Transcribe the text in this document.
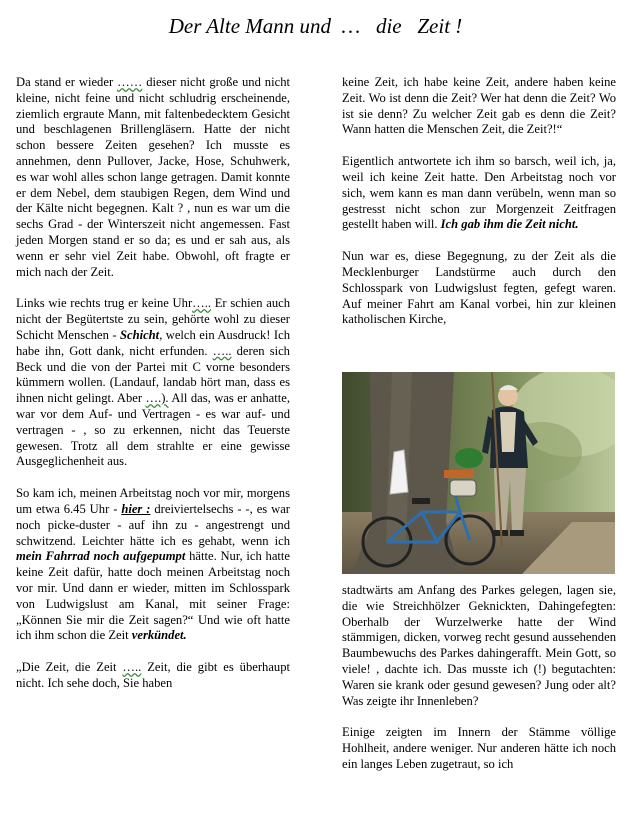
Der Alte Mann und  …   die   Zeit !

Da stand er wieder …… dieser nicht große und nicht kleine, nicht feine und nicht schludrig erscheinende, ziemlich ergraute Mann, mit faltenbedecktem Gesicht und beschlagenen Brillengläsern. Hatte der nicht schon bessere Zeiten gesehen? Ich musste es annehmen, denn Pullover, Jacke, Hose, Schuhwerk, es war wohl alles schon lange getragen. Damit konnte er dem Nebel, dem staubigen Regen, dem Wind und der Kälte nicht begegnen. Kalt ? , nun es war um die sechs Grad - der Winterszeit nicht angemessen. Fast jeden Morgen stand er so da; es und er sah aus, als wenn er sehr viel Zeit habe. Obwohl, oft fragte er mich nach der Zeit.

Links wie rechts trug er keine Uhr….. Er schien auch nicht der Begütertste zu sein, gehörte wohl zu dieser Schicht Menschen - Schicht, welch ein Ausdruck! Ich habe ihn, Gott dank, nicht erfunden. ….. deren sich Beck und die von der Partei mit C vorne besonders kümmern wollen. (Landauf, landab hört man, dass es ihnen nicht gelingt. Aber ….). All das, was er anhatte, war vor dem Auf- und Vertragen - es war auf- und vertragen - , so zu erkennen, nicht das Teuerste gewesen. Trotz all dem strahlte er eine gewisse Ausgeglichenheit aus.

So kam ich, meinen Arbeitstag noch vor mir, morgens um etwa 6.45 Uhr - hier : dreiviertelsechs - -, es war noch picke-duster - auf ihn zu - angestrengt und schwitzend. Leichter hätte ich es gehabt, wenn ich mein Fahrrad noch aufgepumpt hätte. Nur, ich hatte keine Zeit dafür, hatte doch meinen Arbeitstag noch vor mir. Und dann er wieder, mitten im Schlosspark von Ludwigslust am Kanal, mit seiner Frage: „Können Sie mir die Zeit sagen?“ Und wie oft hatte ich ihm schon die Zeit verkündet.

„Die Zeit, die Zeit ….. Zeit, die gibt es überhaupt nicht. Ich sehe doch, Sie haben

keine Zeit, ich habe keine Zeit, andere haben keine Zeit. Wo ist denn die Zeit? Wer hat denn die Zeit? Wo ist sie denn? Zu welcher Zeit gab es denn die Zeit? Wann hatten die Menschen Zeit, die Zeit?!“

Eigentlich antwortete ich ihm so barsch, weil ich, ja, weil ich keine Zeit hatte. Den Arbeitstag noch vor sich, wem kann es man dann verübeln, wenn man so gestresst nicht schon zur Morgenzeit Zeitfragen gestellt haben will. Ich gab ihm die Zeit nicht.

Nun war es, diese Begegnung, zu der Zeit als die Mecklenburger Landstürme auch durch den Schlosspark von Ludwigslust fegten, gefegt waren. Auf meiner Fahrt am Kanal vorbei, hin zur kleinen katholischen Kirche,

stadtwärts am Anfang des Parkes gelegen, lagen sie, die wie Streichhölzer Geknickten, Dahingefegten: Oberhalb der Wurzelwerke hatte der Wind stämmigen, dicken, vorweg recht gesund aussehenden Baumbewuchs des Parkes dahingerafft. Mein Gott, so viele! , dachte ich. Das musste ich (!) begutachten: Waren sie krank oder gesund gewesen? Jung oder alt? Was zeigte ihr Innenleben?

Einige zeigten im Innern der Stämme völlige Hohlheit, andere weniger. Nur anderen hätte ich noch ein langes Leben zugetraut, so ich
